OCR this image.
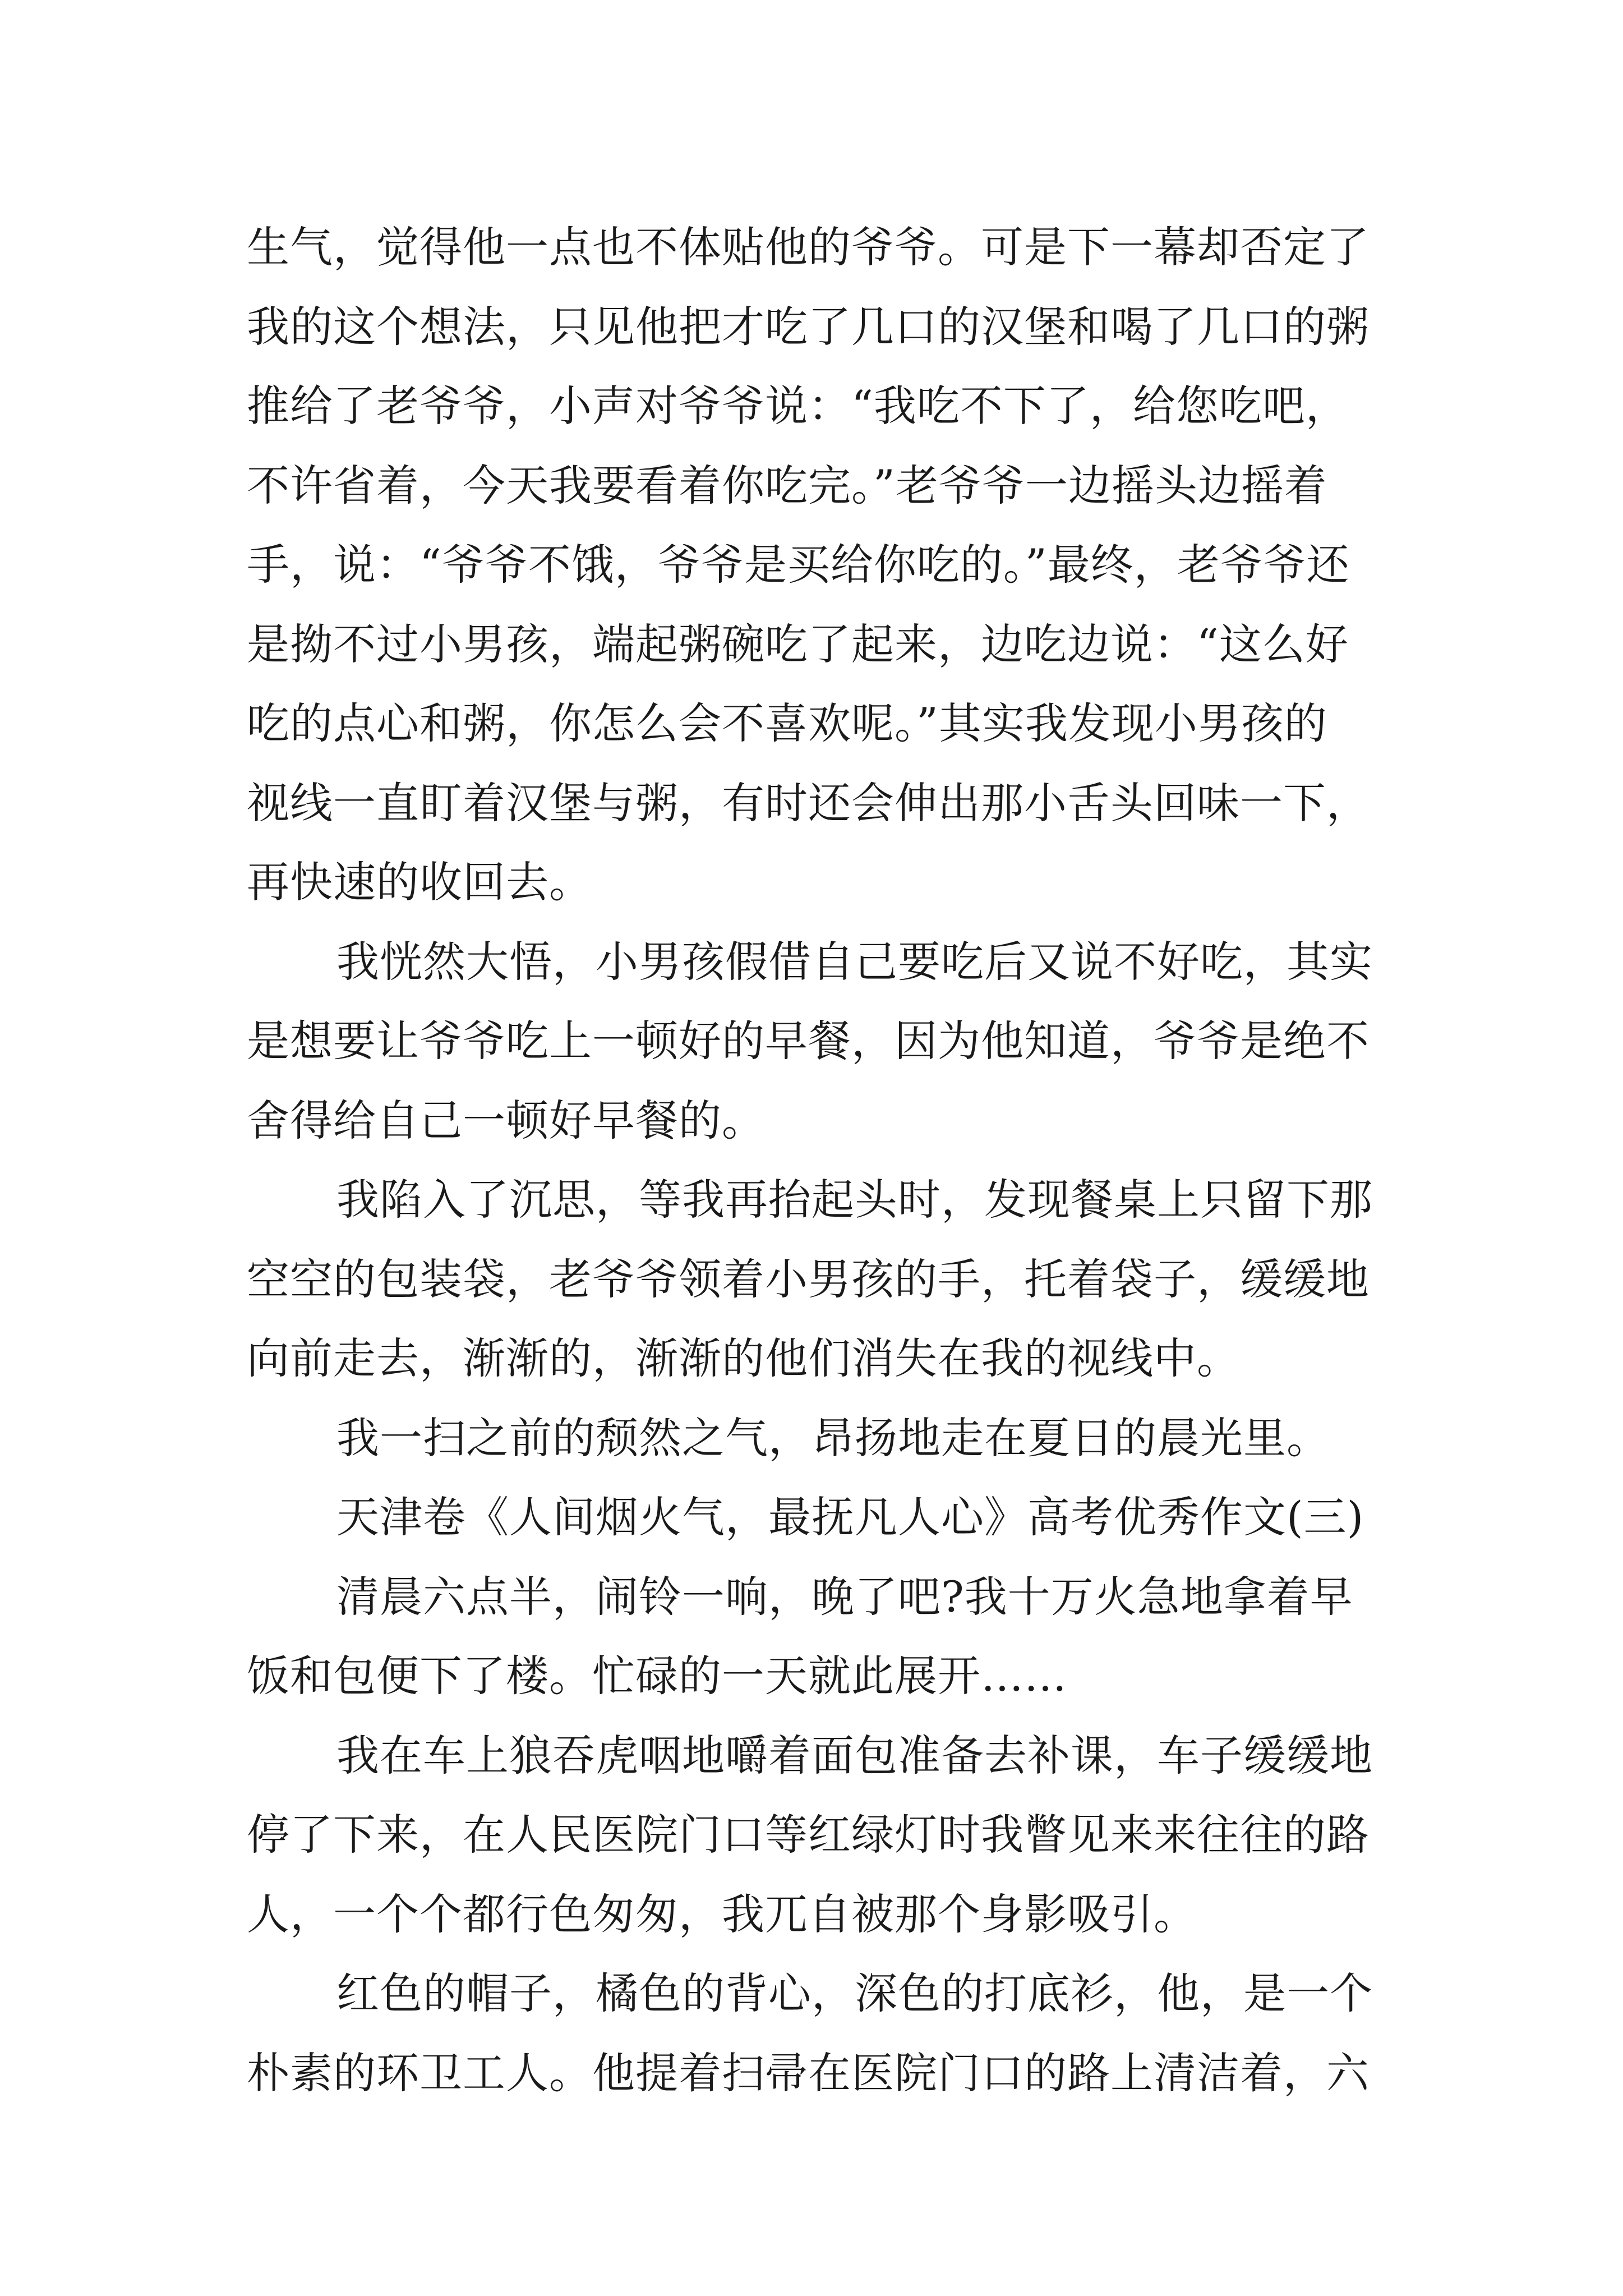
生气，觉得他一点也不体贴他的爷爷。可是下一幕却否定了
我的这个想法，只见他把才吃了几口的汉堡和喝了几口的粥
推给了老爷爷，小声对爷爷说：“我吃不下了，给您吃吧，
不许省着，今天我要看着你吃完。”老爷爷一边摇头边摇着
手，说：“爷爷不饿，爷爷是买给你吃的。”最终，老爷爷还
是拗不过小男孩，端起粥碗吃了起来，边吃边说：“这么好
吃的点心和粥，你怎么会不喜欢呢。”其实我发现小男孩的
视线一直盯着汉堡与粥，有时还会伸出那小舌头回味一下，
再快速的收回去。
我恍然大悟，小男孩假借自己要吃后又说不好吃，其实
是想要让爷爷吃上一顿好的早餐，因为他知道，爷爷是绝不
舍得给自己一顿好早餐的。
我陷入了沉思，等我再抬起头时，发现餐桌上只留下那
空空的包装袋，老爷爷领着小男孩的手，托着袋子，缓缓地
向前走去，渐渐的，渐渐的他们消失在我的视线中。
我一扫之前的颓然之气，昂扬地走在夏日的晨光里。
天津卷《人间烟火气，最抚凡人心》高考优秀作文(三)
清晨六点半，闹铃一响，晚了吧?我十万火急地拿着早
饭和包便下了楼。忙碌的一天就此展开……
我在车上狼吞虎咽地嚼着面包准备去补课，车子缓缓地
停了下来，在人民医院门口等红绿灯时我瞥见来来往往的路
人，一个个都行色匆匆，我兀自被那个身影吸引。
红色的帽子，橘色的背心，深色的打底衫，他，是一个
朴素的环卫工人。他提着扫帚在医院门口的路上清洁着，六
